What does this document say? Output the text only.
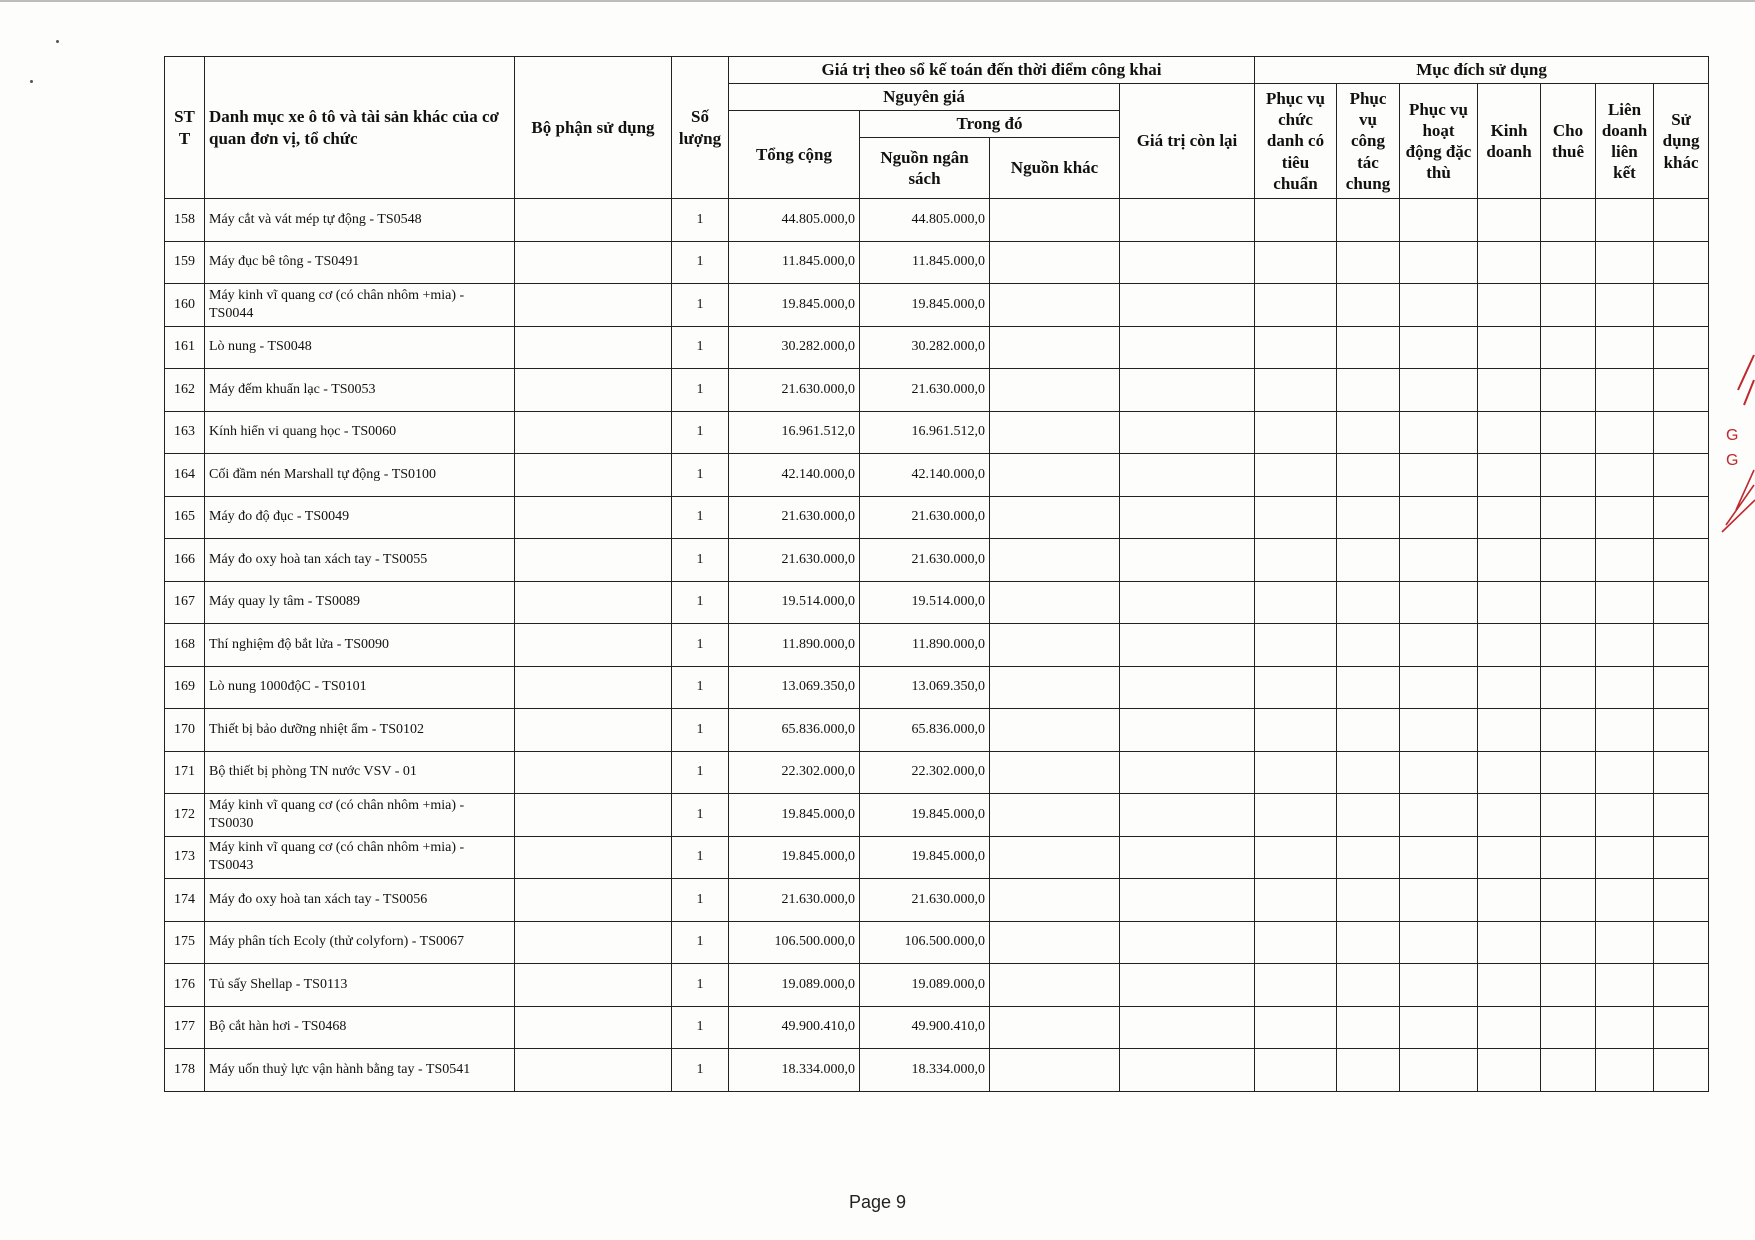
ST T	Danh mục xe ô tô và tài sản khác của cơ quan đơn vị, tổ chức	Bộ phận sử dụng	Số lượng	Giá trị theo sổ kế toán đến thời điểm công khai				Mục đích sử dụng						
				Nguyên giá			Giá trị còn lại	Phục vụ chức danh có tiêu chuẩn	Phục vụ công tác chung	Phục vụ hoạt động đặc thù	Kinh doanh	Cho thuê	Liên doanh liên kết	Sử dụng khác
				Tổng cộng	Trong đó									
					Nguồn ngân sách	Nguồn khác								
158	Máy cắt và vát mép tự động - TS0548		1	44.805.000,0	44.805.000,0									
159	Máy đục bê tông - TS0491		1	11.845.000,0	11.845.000,0									
160	Máy kinh vĩ quang cơ (có chân nhôm +mia) - TS0044		1	19.845.000,0	19.845.000,0									
161	Lò nung - TS0048		1	30.282.000,0	30.282.000,0									
162	Máy đếm khuẩn lạc - TS0053		1	21.630.000,0	21.630.000,0									
163	Kính hiển vi quang học - TS0060		1	16.961.512,0	16.961.512,0									
164	Cối đầm nén Marshall tự động - TS0100		1	42.140.000,0	42.140.000,0									
165	Máy đo độ đục - TS0049		1	21.630.000,0	21.630.000,0									
166	Máy đo oxy hoà tan xách tay - TS0055		1	21.630.000,0	21.630.000,0									
167	Máy quay ly tâm - TS0089		1	19.514.000,0	19.514.000,0									
168	Thí nghiệm độ bắt lửa - TS0090		1	11.890.000,0	11.890.000,0									
169	Lò nung 1000độC - TS0101		1	13.069.350,0	13.069.350,0									
170	Thiết bị bảo dưỡng nhiệt ẩm - TS0102		1	65.836.000,0	65.836.000,0									
171	Bộ thiết bị phòng TN nước VSV - 01		1	22.302.000,0	22.302.000,0									
172	Máy kinh vĩ quang cơ (có chân nhôm +mia) - TS0030		1	19.845.000,0	19.845.000,0									
173	Máy kinh vĩ quang cơ (có chân nhôm +mia) - TS0043		1	19.845.000,0	19.845.000,0									
174	Máy đo oxy hoà tan xách tay - TS0056		1	21.630.000,0	21.630.000,0									
175	Máy phân tích Ecoly (thử colyforn) - TS0067		1	106.500.000,0	106.500.000,0									
176	Tủ sấy Shellap - TS0113		1	19.089.000,0	19.089.000,0									
177	Bộ cắt hàn hơi - TS0468		1	49.900.410,0	49.900.410,0									
178	Máy uốn thuỷ lực vận hành bằng tay - TS0541		1	18.334.000,0	18.334.000,0									
G
G
Page 9
